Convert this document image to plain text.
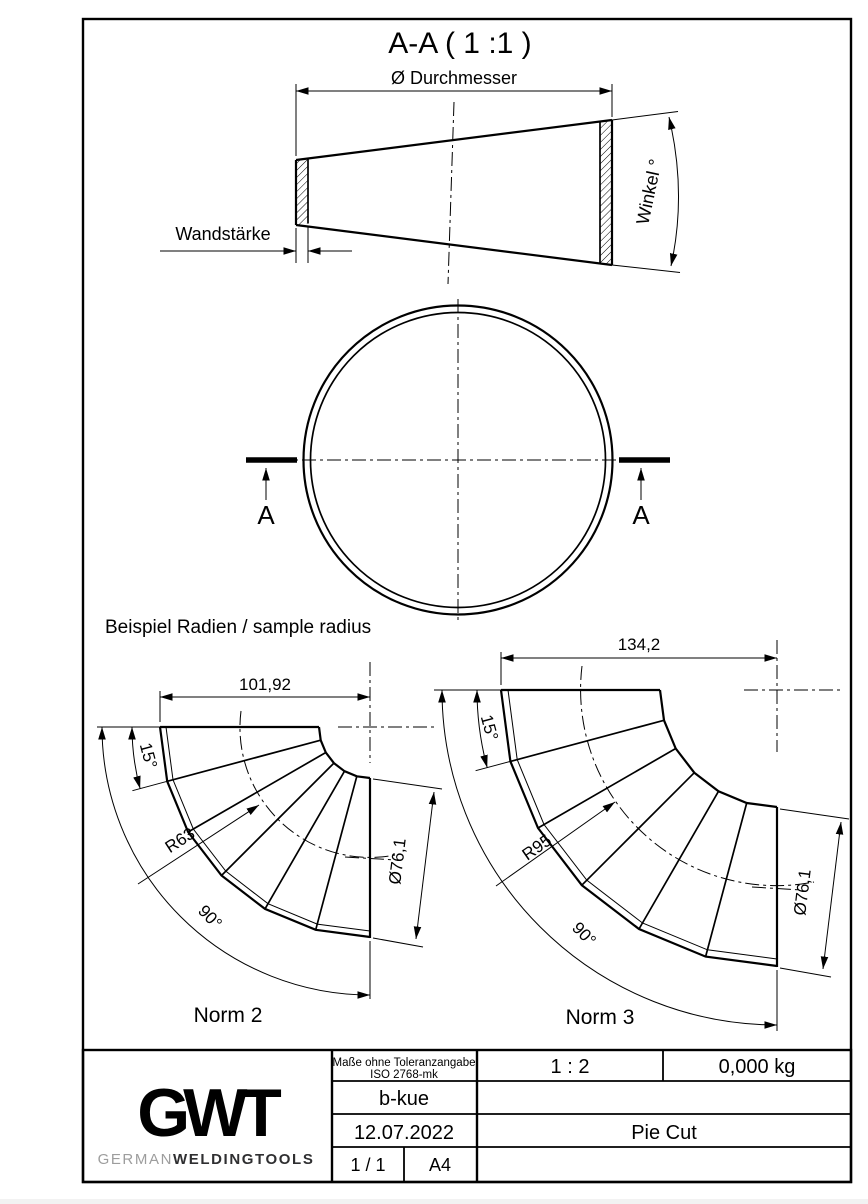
A-A ( 1 :1 )
Ø Durchmesser
Wandstärke
Winkel °
A	A
Beispiel Radien / sample radius
101,92
15°
R63
90°
Ø76,1
Norm 2
134,2
15°
R95
90°
Ø76,1
Norm 3
GWT
GERMANWELDINGTOOLS
Maße ohne Toleranzangabe
ISO 2768-mk	1 : 2	0,000 kg
b-kue
12.07.2022	Pie Cut
1 / 1 A4
